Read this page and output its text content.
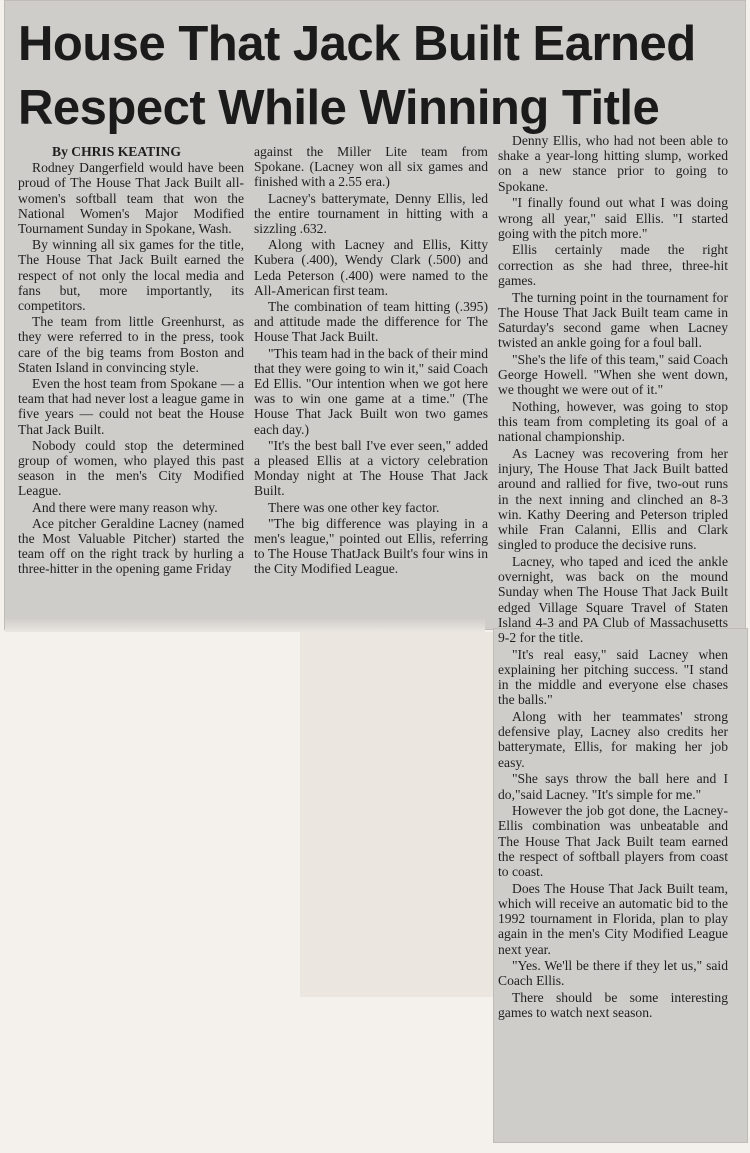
House That Jack Built Earned
Respect While Winning Title

By CHRIS KEATING

Rodney Dangerfield would have been proud of The House That Jack Built all-women's softball team that won the National Women's Major Modified Tournament Sunday in Spokane, Wash.

By winning all six games for the title, The House That Jack Built earned the respect of not only the local media and fans but, more importantly, its competitors.

The team from little Greenhurst, as they were referred to in the press, took care of the big teams from Boston and Staten Island in convincing style.

Even the host team from Spokane — a team that had never lost a league game in five years — could not beat the House That Jack Built.

Nobody could stop the determined group of women, who played this past season in the men's City Modified League.

And there were many reason why.

Ace pitcher Geraldine Lacney (named the Most Valuable Pitcher) started the team off on the right track by hurling a three-hitter in the opening game Friday

against the Miller Lite team from Spokane. (Lacney won all six games and finished with a 2.55 era.)

Lacney's batterymate, Denny Ellis, led the entire tournament in hitting with a sizzling .632.

Along with Lacney and Ellis, Kitty Kubera (.400), Wendy Clark (.500) and Leda Peterson (.400) were named to the All-American first team.

The combination of team hitting (.395) and attitude made the difference for The House That Jack Built.

"This team had in the back of their mind that they were going to win it," said Coach Ed Ellis. "Our intention when we got here was to win one game at a time." (The House That Jack Built won two games each day.)

"It's the best ball I've ever seen," added a pleased Ellis at a victory celebration Monday night at The House That Jack Built.

There was one other key factor.

"The big difference was playing in a men's league," pointed out Ellis, referring to The House ThatJack Built's four wins in the City Modified League.

Denny Ellis, who had not been able to shake a year-long hitting slump, worked on a new stance prior to going to Spokane.

"I finally found out what I was doing wrong all year," said Ellis. "I started going with the pitch more."

Ellis certainly made the right correction as she had three, three-hit games.

The turning point in the tournament for The House That Jack Built team came in Saturday's second game when Lacney twisted an ankle going for a foul ball.

"She's the life of this team," said Coach George Howell. "When she went down, we thought we were out of it."

Nothing, however, was going to stop this team from completing its goal of a national championship.

As Lacney was recovering from her injury, The House That Jack Built batted around and rallied for five, two-out runs in the next inning and clinched an 8-3 win. Kathy Deering and Peterson tripled while Fran Calanni, Ellis and Clark singled to produce the decisive runs.

Lacney, who taped and iced the ankle overnight, was back on the mound Sunday when The House That Jack Built edged Village Square Travel of Staten Island 4-3 and PA Club of Massachusetts 9-2 for the title.

"It's real easy," said Lacney when explaining her pitching success. "I stand in the middle and everyone else chases the balls."

Along with her teammates' strong defensive play, Lacney also credits her batterymate, Ellis, for making her job easy.

"She says throw the ball here and I do,"said Lacney. "It's simple for me."

However the job got done, the Lacney-Ellis combination was unbeatable and The House That Jack Built team earned the respect of softball players from coast to coast.

Does The House That Jack Built team, which will receive an automatic bid to the 1992 tournament in Florida, plan to play again in the men's City Modified League next year.

"Yes. We'll be there if they let us," said Coach Ellis.

There should be some interesting games to watch next season.
